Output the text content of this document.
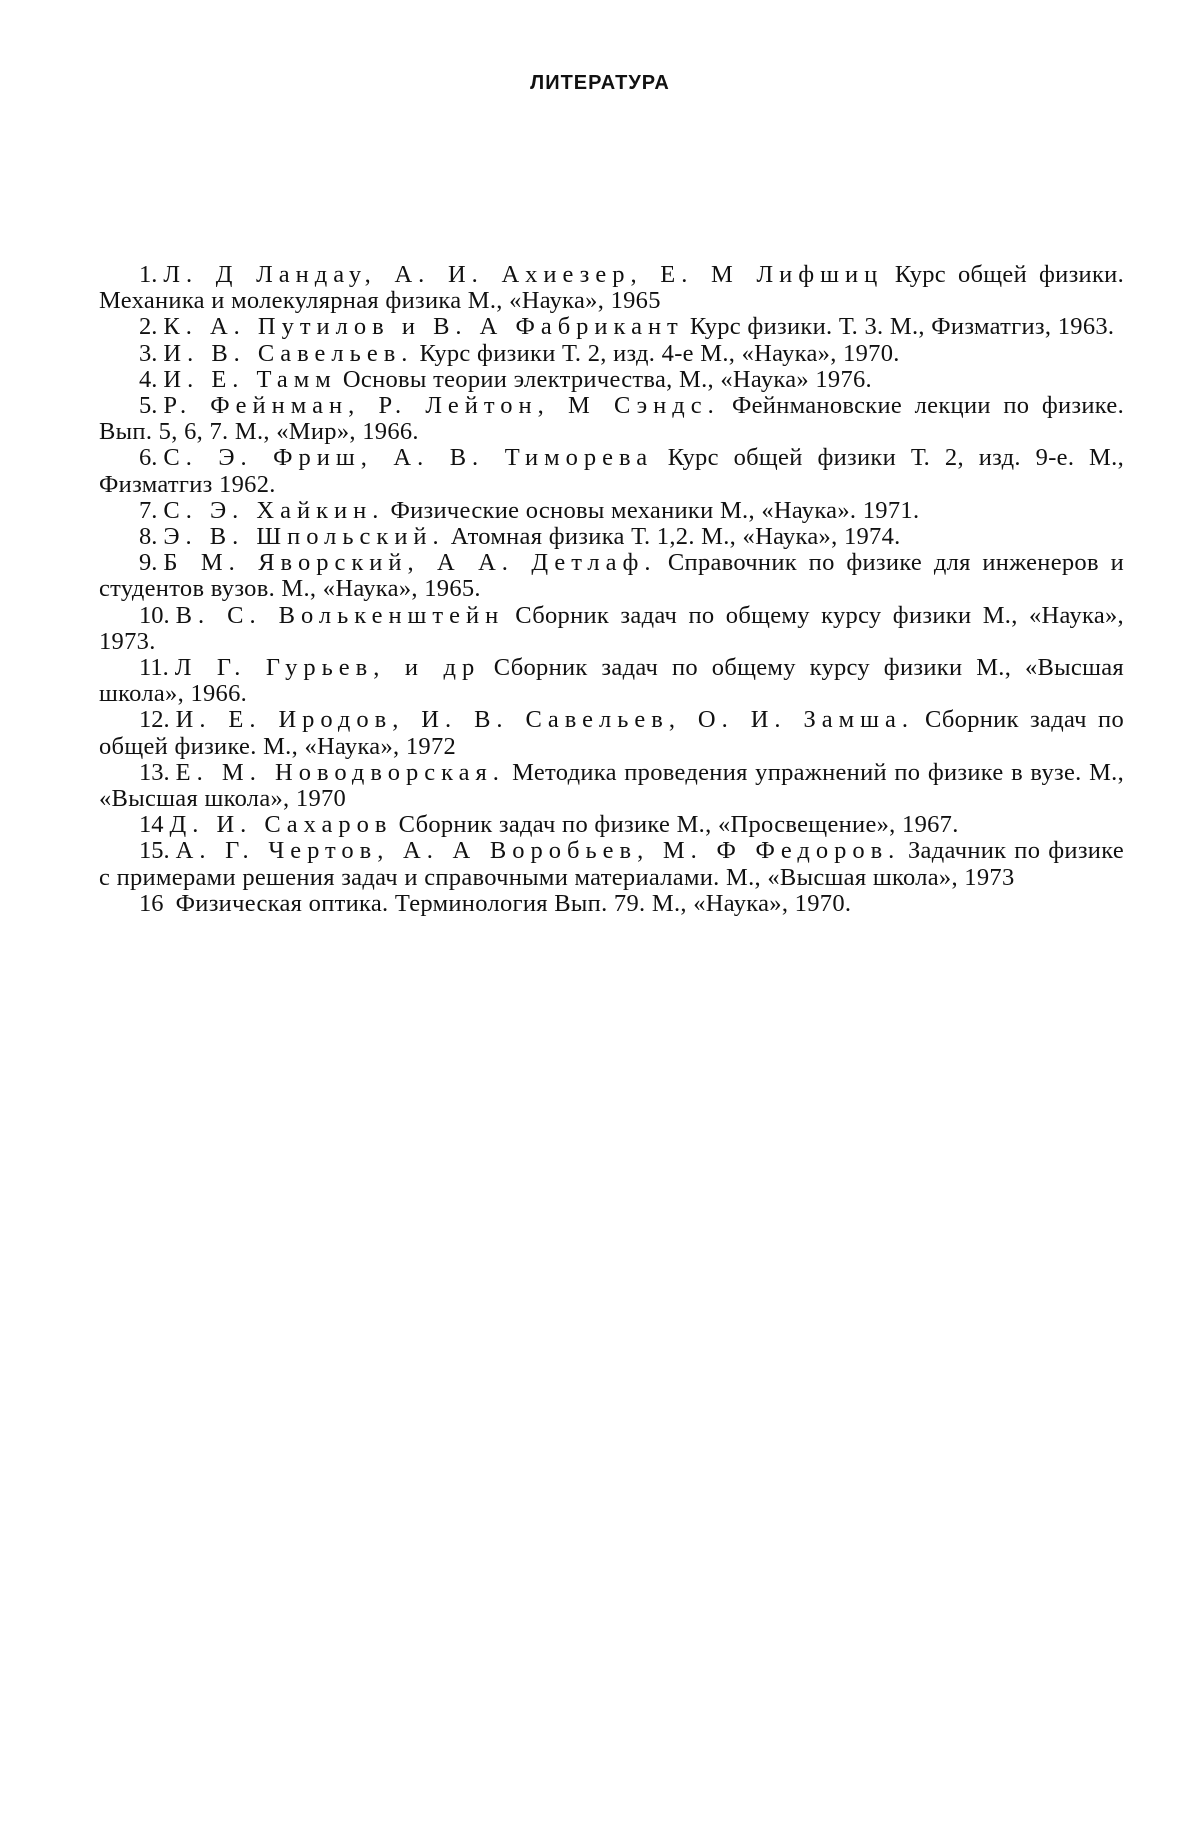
ЛИТЕРАТУРА
1. Л. Д Ландау, А. И. Ахиезер, Е. М Лифшиц Курс общей физики. Механика и молекулярная физика М., «Наука», 1965
2. К. А. Путилов и В. А Фабрикант Курс физики. Т. 3. М., Физматгиз, 1963.
3. И. В. Савельев. Курс физики Т. 2, изд. 4-е М., «Наука», 1970.
4. И. Е. Тамм Основы теории электричества, М., «Наука» 1976.
5. Р. Фейнман, Р. Лейтон, М Сэндс. Фейнмановские лекции по физике. Вып. 5, 6, 7. М., «Мир», 1966.
6. С. Э. Фриш, А. В. Тиморева Курс общей физики Т. 2, изд. 9-е. М., Физматгиз 1962.
7. С. Э. Хайкин. Физические основы механики М., «Наука». 1971.
8. Э. В. Шпольский. Атомная физика Т. 1,2. М., «Наука», 1974.
9. Б М. Яворский, А А. Детлаф. Справочник по физике для инженеров и студентов вузов. М., «Наука», 1965.
10. В. С. Волькенштейн Сборник задач по общему курсу физики М., «Наука», 1973.
11. Л Г. Гурьев, и др Сборник задач по общему курсу физики М., «Высшая школа», 1966.
12. И. Е. Иродов, И. В. Савельев, О. И. Замша. Сборник задач по общей физике. М., «Наука», 1972
13. Е. М. Новодворская. Методика проведения упражнений по физике в вузе. М., «Высшая школа», 1970
14 Д. И. Сахаров Сборник задач по физике М., «Просвещение», 1967.
15. А. Г. Чертов, А. А Воробьев, М. Ф Федоров. Задачник по физике с примерами решения задач и справочными материалами. М., «Высшая школа», 1973
16 Физическая оптика. Терминология Вып. 79. М., «Наука», 1970.
